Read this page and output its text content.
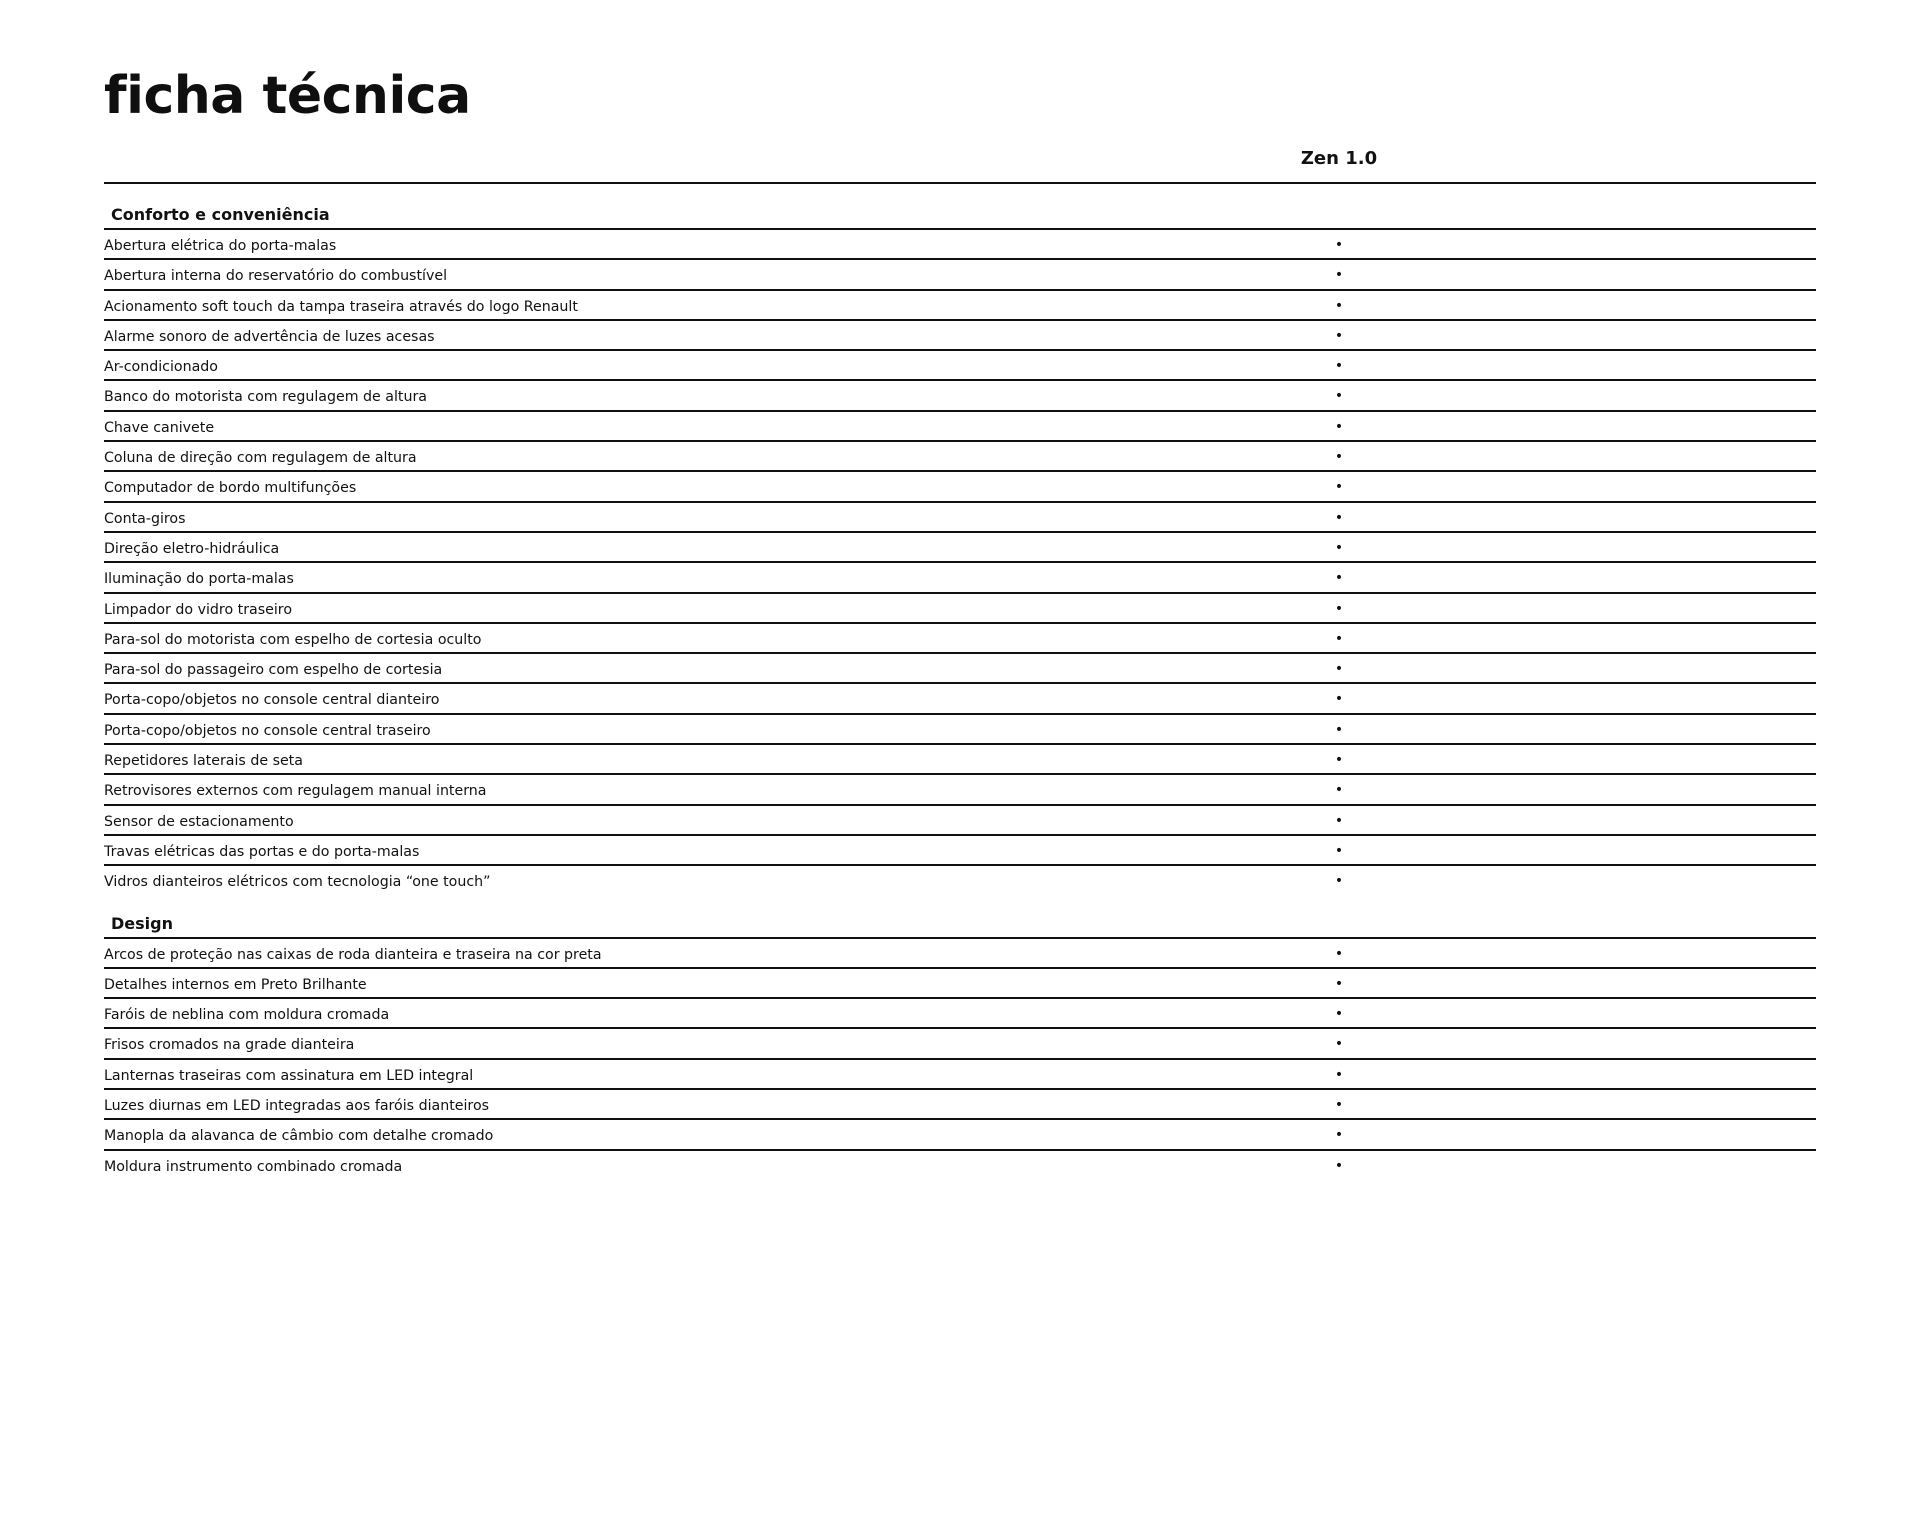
ficha técnica
Zen 1.0
Conforto e conveniência
Abertura elétrica do porta-malas	•
Abertura interna do reservatório do combustível	•
Acionamento soft touch da tampa traseira através do logo Renault	•
Alarme sonoro de advertência de luzes acesas	•
Ar-condicionado	•
Banco do motorista com regulagem de altura	•
Chave canivete	•
Coluna de direção com regulagem de altura	•
Computador de bordo multifunções	•
Conta-giros	•
Direção eletro-hidráulica	•
Iluminação do porta-malas	•
Limpador do vidro traseiro	•
Para-sol do motorista com espelho de cortesia oculto	•
Para-sol do passageiro com espelho de cortesia	•
Porta-copo/objetos no console central dianteiro	•
Porta-copo/objetos no console central traseiro	•
Repetidores laterais de seta	•
Retrovisores externos com regulagem manual interna	•
Sensor de estacionamento	•
Travas elétricas das portas e do porta-malas	•
Vidros dianteiros elétricos com tecnologia “one touch”	•
Design
Arcos de proteção nas caixas de roda dianteira e traseira na cor preta	•
Detalhes internos em Preto Brilhante	•
Faróis de neblina com moldura cromada	•
Frisos cromados na grade dianteira	•
Lanternas traseiras com assinatura em LED integral	•
Luzes diurnas em LED integradas aos faróis dianteiros	•
Manopla da alavanca de câmbio com detalhe cromado	•
Moldura instrumento combinado cromada	•
